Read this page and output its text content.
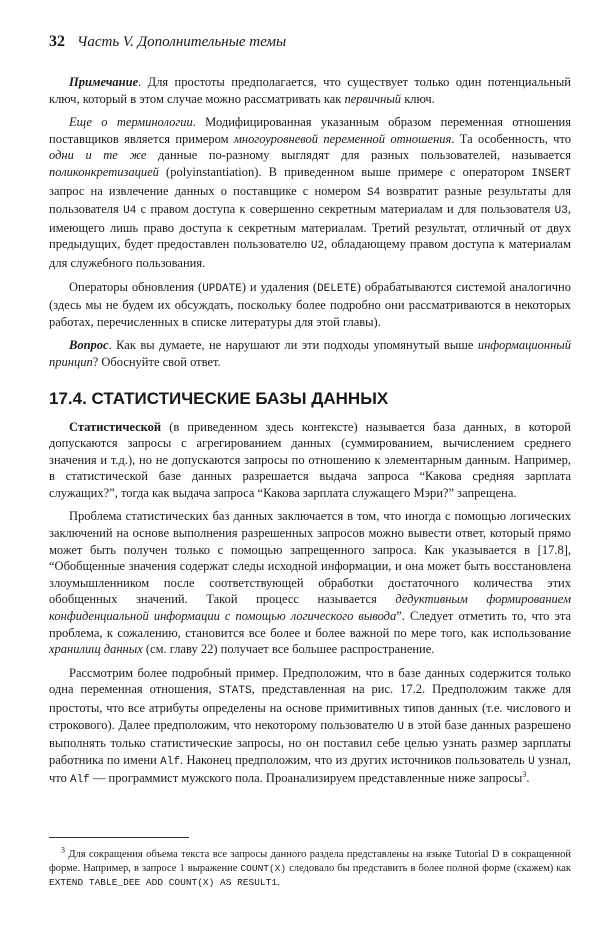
32 Часть V. Дополнительные темы

Примечание. Для простоты предполагается, что существует только один потенциальный ключ, который в этом случае можно рассматривать как первичный ключ.

Еще о терминологии. Модифицированная указанным образом переменная отношения поставщиков является примером многоуровневой переменной отношения. Та особенность, что одни и те же данные по-разному выглядят для разных пользователей, называется поликонкретизацией (polyinstantiation). В приведенном выше примере с оператором INSERT запрос на извлечение данных о поставщике с номером S4 возвратит разные результаты для пользователя U4 с правом доступа к совершенно секретным материалам и для пользователя U3, имеющего лишь право доступа к секретным материалам. Третий результат, отличный от двух предыдущих, будет предоставлен пользователю U2, обладающему правом доступа к материалам для служебного пользования.

Операторы обновления (UPDATE) и удаления (DELETE) обрабатываются системой аналогично (здесь мы не будем их обсуждать, поскольку более подробно они рассматриваются в некоторых работах, перечисленных в списке литературы для этой главы).

Вопрос. Как вы думаете, не нарушают ли эти подходы упомянутый выше информационный принцип? Обоснуйте свой ответ.

17.4. СТАТИСТИЧЕСКИЕ БАЗЫ ДАННЫХ

Статистической (в приведенном здесь контексте) называется база данных, в которой допускаются запросы с агрегированием данных (суммированием, вычислением среднего значения и т.д.), но не допускаются запросы по отношению к элементарным данным. Например, в статистической базе данных разрешается выдача запроса “Какова средняя зарплата служащих?”, тогда как выдача запроса “Какова зарплата служащего Мэри?” запрещена.

Проблема статистических баз данных заключается в том, что иногда с помощью логических заключений на основе выполнения разрешенных запросов можно вывести ответ, который прямо может быть получен только с помощью запрещенного запроса. Как указывается в [17.8], “Обобщенные значения содержат следы исходной информации, и она может быть восстановлена злоумышленником после соответствующей обработки достаточного количества этих обобщенных значений. Такой процесс называется дедуктивным формированием конфиденциальной информации с помощью логического вывода”. Следует отметить то, что эта проблема, к сожалению, становится все более и более важной по мере того, как использование хранилищ данных (см. главу 22) получает все большее распространение.

Рассмотрим более подробный пример. Предположим, что в базе данных содержится только одна переменная отношения, STATS, представленная на рис. 17.2. Предположим также для простоты, что все атрибуты определены на основе примитивных типов данных (т.е. числового и строкового). Далее предположим, что некоторому пользователю U в этой базе данных разрешено выполнять только статистические запросы, но он поставил себе целью узнать размер зарплаты работника по имени Alf. Наконец предположим, что из других источников пользователь U узнал, что Alf — программист мужского пола. Проанализируем представленные ниже запросы$^3$.

$^3$ Для сокращения объема текста все запросы данного раздела представлены на языке Tutorial D в сокращенной форме. Например, в запросе 1 выражение COUNT(X) следовало бы представить в более полной форме (скажем) как EXTEND TABLE_DEE ADD COUNT(X) AS RESULT1.
